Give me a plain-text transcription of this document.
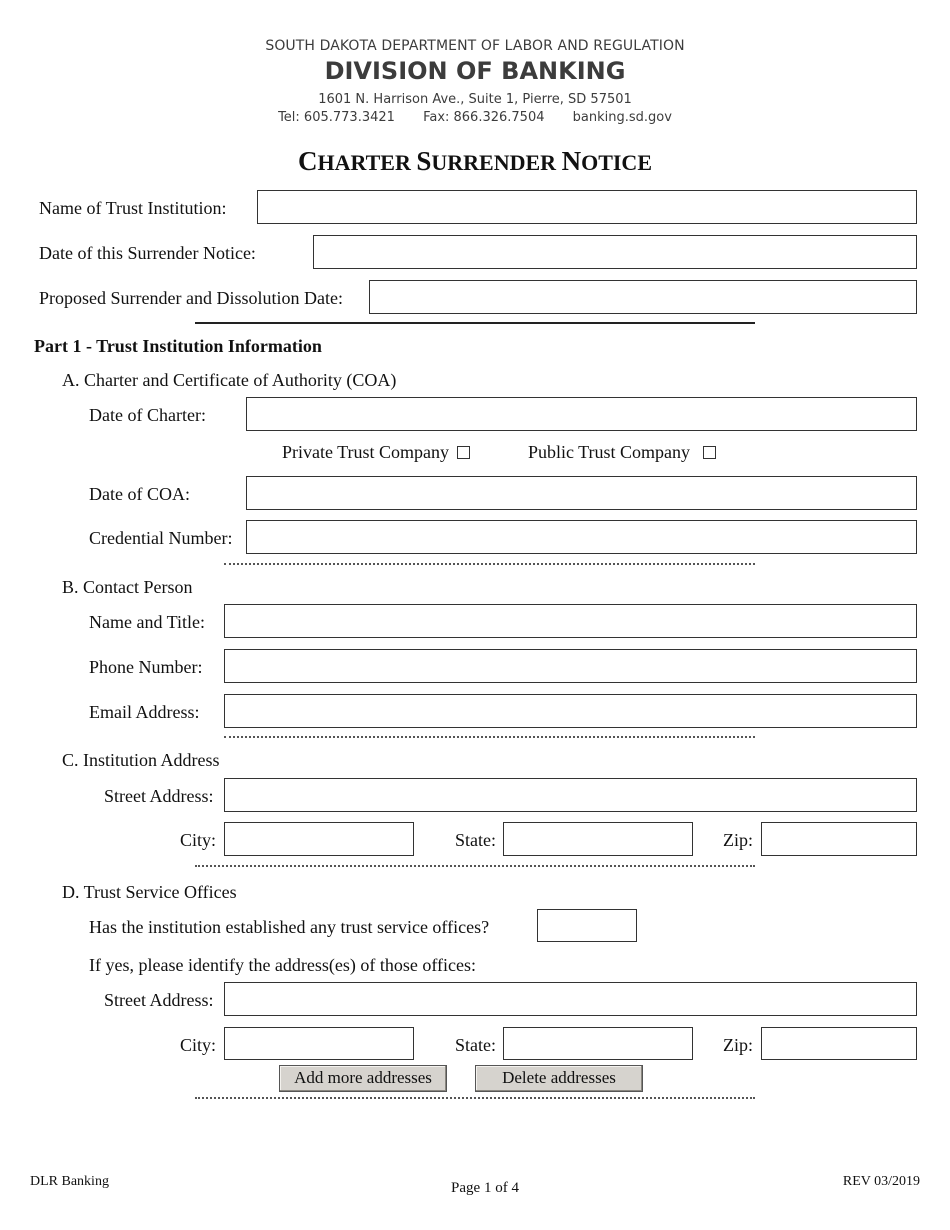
SOUTH DAKOTA DEPARTMENT OF LABOR AND REGULATION
DIVISION OF BANKING
1601 N. Harrison Ave., Suite 1, Pierre, SD 57501
Tel: 605.773.3421 Fax: 866.326.7504 banking.sd.gov
CHARTER SURRENDER NOTICE
Name of Trust Institution:
Date of this Surrender Notice:
Proposed Surrender and Dissolution Date:
Part 1 - Trust Institution Information
A. Charter and Certificate of Authority (COA)
Date of Charter:
Private Trust Company	Public Trust Company
Date of COA:
Credential Number:
B. Contact Person
Name and Title:
Phone Number:
Email Address:
C. Institution Address
Street Address:
City:	State:	Zip:
D. Trust Service Offices
Has the institution established any trust service offices?
If yes, please identify the address(es) of those offices:
Street Address:
City:	State:	Zip:
Add more addresses	Delete addresses
DLR Banking	Page 1 of 4	REV 03/2019
